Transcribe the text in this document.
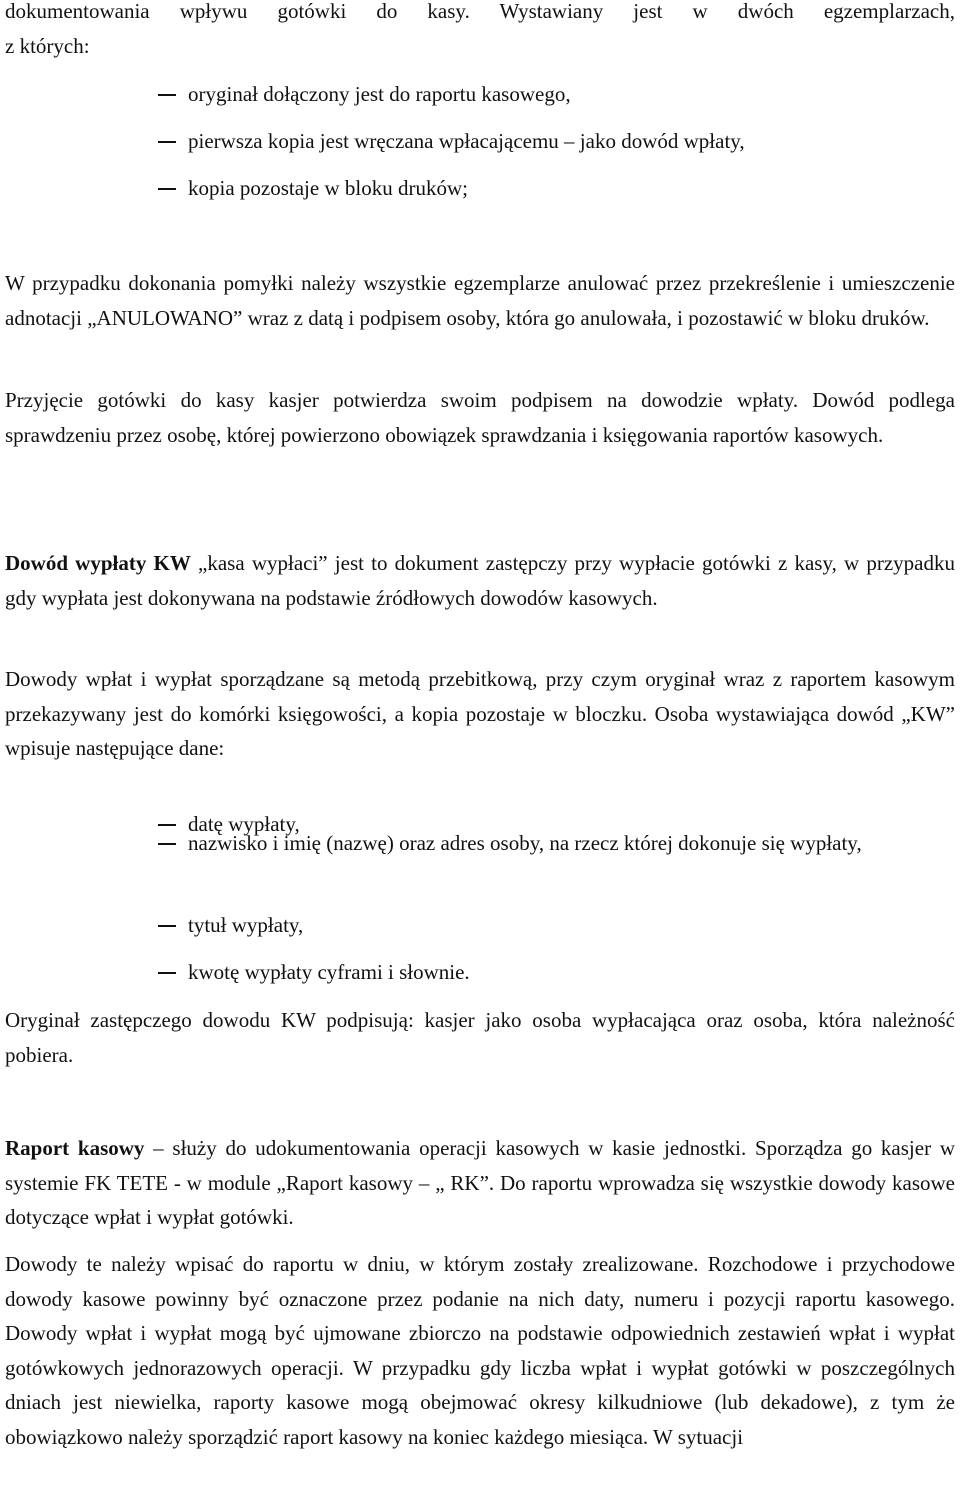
dokumentowania wpływu gotówki do kasy. Wystawiany jest w dwóch egzemplarzach,

z których:

oryginał dołączony jest do raportu kasowego,
pierwsza kopia jest wręczana wpłacającemu – jako dowód wpłaty,
kopia pozostaje w bloku druków;

W przypadku dokonania pomyłki należy wszystkie egzemplarze anulować przez przekreślenie i umieszczenie adnotacji „ANULOWANO” wraz z datą i podpisem osoby, która go anulowała, i pozostawić w bloku druków.

Przyjęcie gotówki do kasy kasjer potwierdza swoim podpisem na dowodzie wpłaty. Dowód podlega sprawdzeniu przez osobę, której powierzono obowiązek sprawdzania i księgowania raportów kasowych.

Dowód wypłaty KW „kasa wypłaci” jest to dokument zastępczy przy wypłacie gotówki z kasy, w przypadku gdy wypłata jest dokonywana na podstawie źródłowych dowodów kasowych.

Dowody wpłat i wypłat sporządzane są metodą przebitkową, przy czym oryginał wraz z raportem kasowym przekazywany jest do komórki księgowości, a kopia pozostaje w bloczku. Osoba wystawiająca dowód „KW” wpisuje następujące dane:

datę wypłaty,
nazwisko i imię (nazwę) oraz adres osoby, na rzecz której dokonuje się wypłaty,
tytuł wypłaty,
kwotę wypłaty cyframi i słownie.

Oryginał zastępczego dowodu KW podpisują: kasjer jako osoba wypłacająca oraz osoba, która należność pobiera.

Raport kasowy – służy do udokumentowania operacji kasowych w kasie jednostki. Sporządza go kasjer w systemie FK TETE - w module „Raport kasowy – „ RK”. Do raportu wprowadza się wszystkie dowody kasowe dotyczące wpłat i wypłat gotówki.

Dowody te należy wpisać do raportu w dniu, w którym zostały zrealizowane. Rozchodowe i przychodowe dowody kasowe powinny być oznaczone przez podanie na nich daty, numeru i pozycji raportu kasowego. Dowody wpłat i wypłat mogą być ujmowane zbiorczo na podstawie odpowiednich zestawień wpłat i wypłat gotówkowych jednorazowych operacji. W przypadku gdy liczba wpłat i wypłat gotówki w poszczególnych dniach jest niewielka, raporty kasowe mogą obejmować okresy kilkudniowe (lub dekadowe), z tym że obowiązkowo należy sporządzić raport kasowy na koniec każdego miesiąca. W sytuacji
